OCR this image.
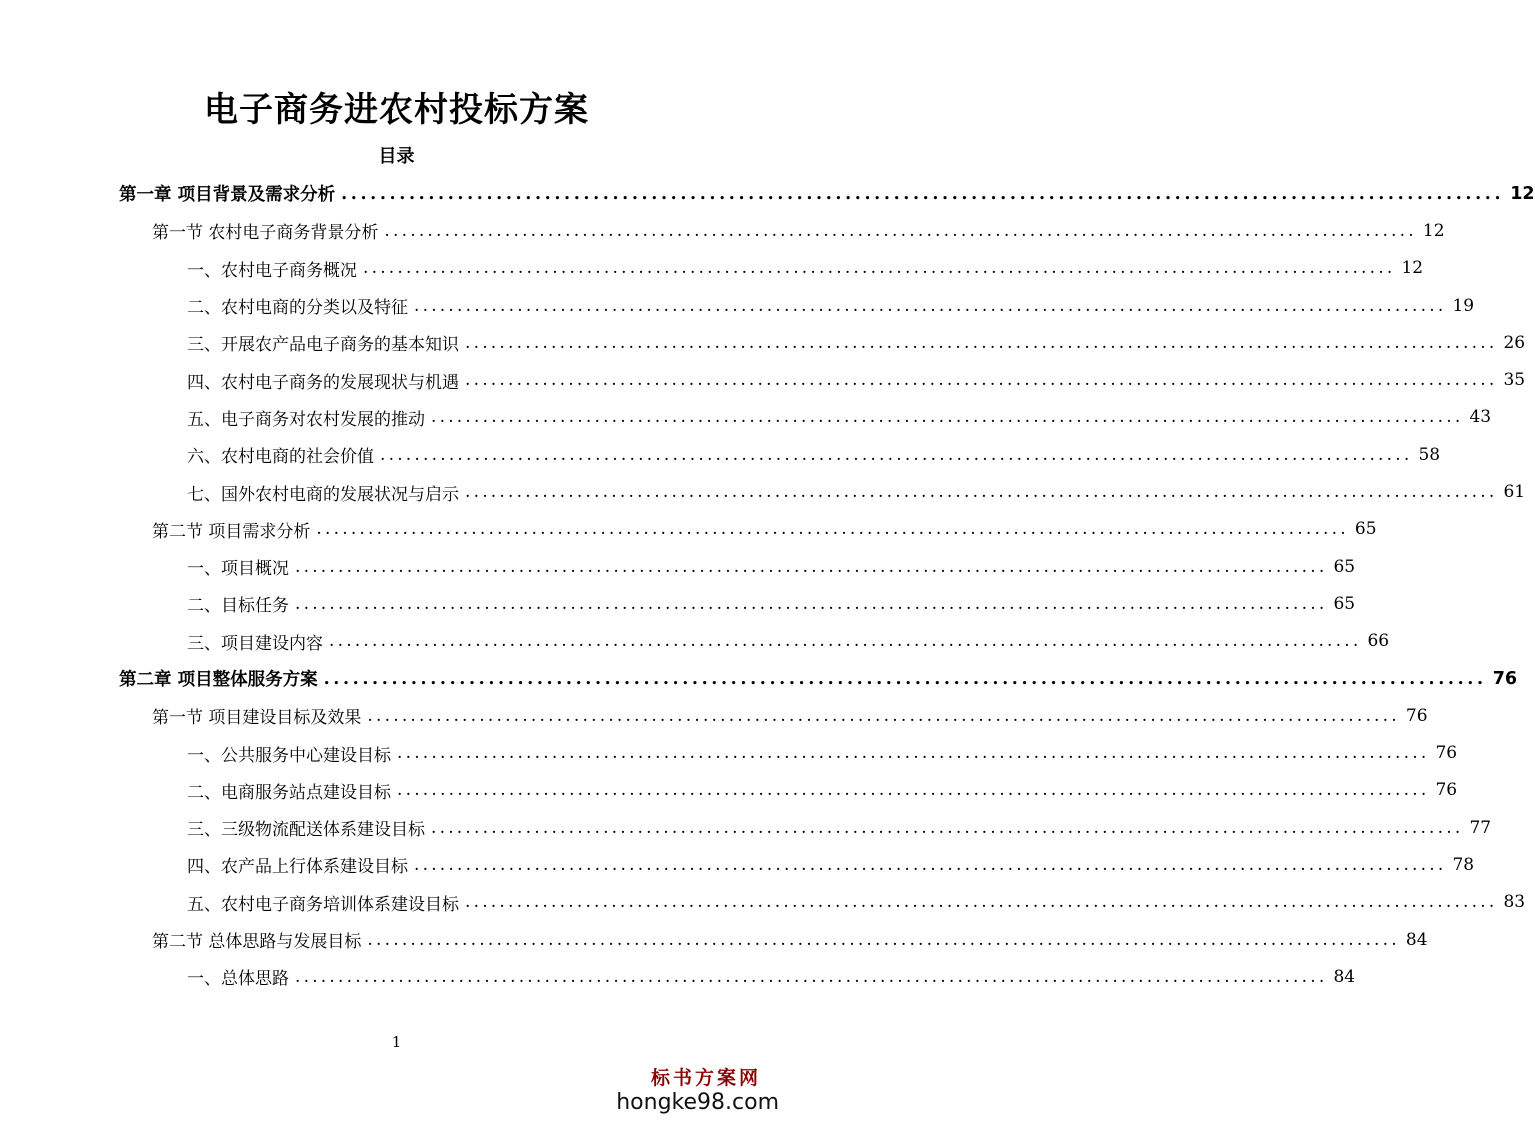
电子商务进农村投标方案
目录
第一章 项目背景及需求分析 ........................................................................................................................ 12
第一节 农村电子商务背景分析 ........................................................................................................................ 12
一、农村电子商务概况 ........................................................................................................................ 12
二、农村电商的分类以及特征 ........................................................................................................................ 19
三、开展农产品电子商务的基本知识 ........................................................................................................................ 26
四、农村电子商务的发展现状与机遇 ........................................................................................................................ 35
五、电子商务对农村发展的推动 ........................................................................................................................ 43
六、农村电商的社会价值 ........................................................................................................................ 58
七、国外农村电商的发展状况与启示 ........................................................................................................................ 61
第二节 项目需求分析 ........................................................................................................................ 65
一、项目概况 ........................................................................................................................ 65
二、目标任务 ........................................................................................................................ 65
三、项目建设内容 ........................................................................................................................ 66
第二章 项目整体服务方案 ........................................................................................................................ 76
第一节 项目建设目标及效果 ........................................................................................................................ 76
一、公共服务中心建设目标 ........................................................................................................................ 76
二、电商服务站点建设目标 ........................................................................................................................ 76
三、三级物流配送体系建设目标 ........................................................................................................................ 77
四、农产品上行体系建设目标 ........................................................................................................................ 78
五、农村电子商务培训体系建设目标 ........................................................................................................................ 83
第二节 总体思路与发展目标 ........................................................................................................................ 84
一、总体思路 ........................................................................................................................ 84
1
标书方案网
hongke98.com
